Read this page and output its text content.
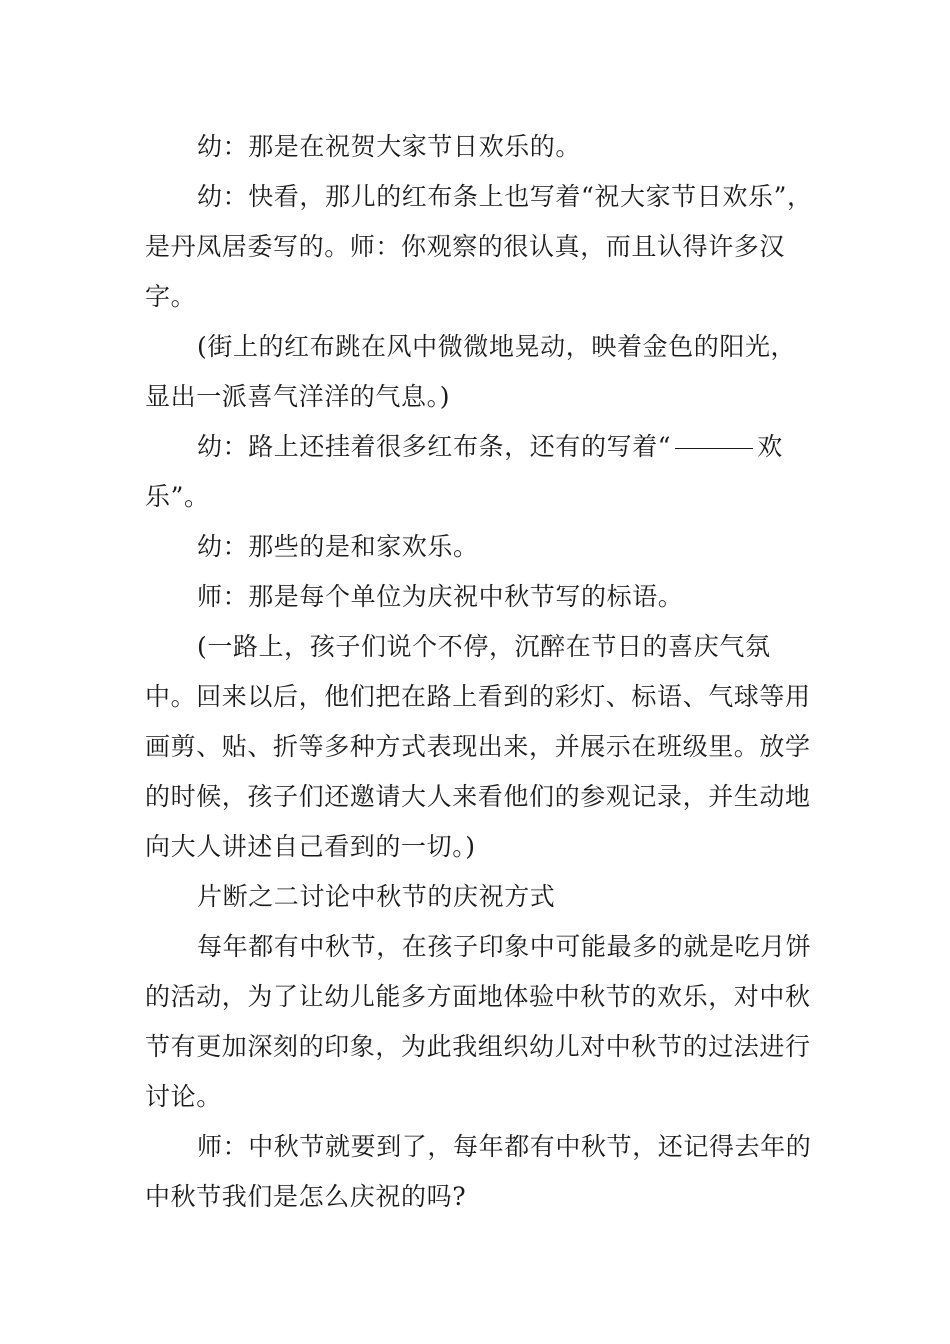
幼：那是在祝贺大家节日欢乐的。

幼：快看，那儿的红布条上也写着“祝大家节日欢乐”，是丹凤居委写的。师：你观察的很认真，而且认得许多汉字。

(街上的红布跳在风中微微地晃动，映着金色的阳光，显出一派喜气洋洋的气息。)

幼：路上还挂着很多红布条，还有的写着“	欢乐”。

幼：那些的是和家欢乐。

师：那是每个单位为庆祝中秋节写的标语。

(一路上，孩子们说个不停，沉醉在节日的喜庆气氛中。回来以后，他们把在路上看到的彩灯、标语、气球等用画剪、贴、折等多种方式表现出来，并展示在班级里。放学的时候，孩子们还邀请大人来看他们的参观记录，并生动地向大人讲述自己看到的一切。)

片断之二讨论中秋节的庆祝方式

每年都有中秋节，在孩子印象中可能最多的就是吃月饼的活动，为了让幼儿能多方面地体验中秋节的欢乐，对中秋节有更加深刻的印象，为此我组织幼儿对中秋节的过法进行讨论。

师：中秋节就要到了，每年都有中秋节，还记得去年的中秋节我们是怎么庆祝的吗?
